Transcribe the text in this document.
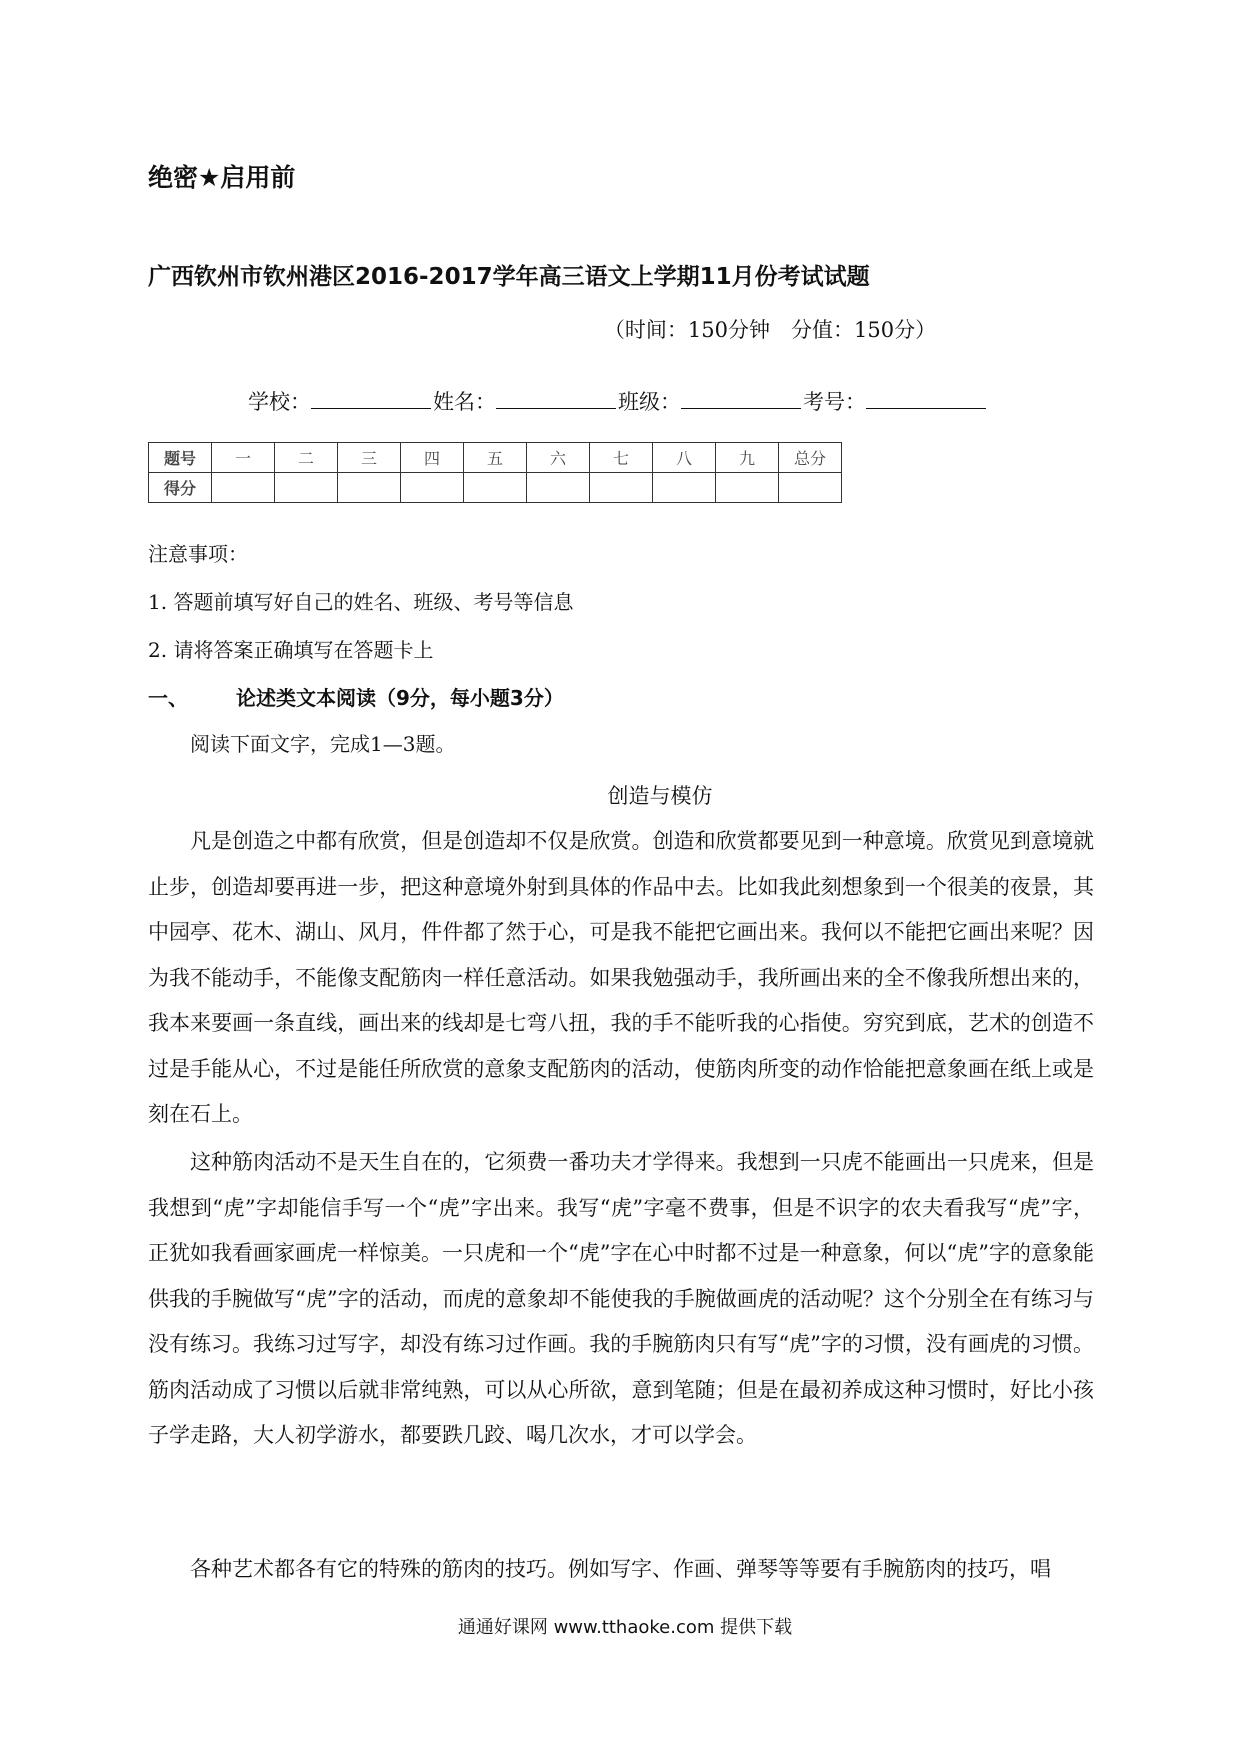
绝密★启用前
广西钦州市钦州港区2016-2017学年高三语文上学期11月份考试试题
（时间：150分钟　分值：150分）
学校：	姓名：	班级：	考号：
题号	一	二	三	四	五	六	七	八	九	总分
得分										
注意事项：
1. 答题前填写好自己的姓名、班级、考号等信息
2. 请将答案正确填写在答题卡上
一、 论述类文本阅读（9分，每小题3分）
阅读下面文字，完成1—3题。
创造与模仿
凡是创造之中都有欣赏，但是创造却不仅是欣赏。创造和欣赏都要见到一种意境。欣赏见到意境就止步，创造却要再进一步，把这种意境外射到具体的作品中去。比如我此刻想象到一个很美的夜景，其中园亭、花木、湖山、风月，件件都了然于心，可是我不能把它画出来。我何以不能把它画出来呢？因为我不能动手，不能像支配筋肉一样任意活动。如果我勉强动手，我所画出来的全不像我所想出来的，我本来要画一条直线，画出来的线却是七弯八扭，我的手不能听我的心指使。穷究到底，艺术的创造不过是手能从心，不过是能任所欣赏的意象支配筋肉的活动，使筋肉所变的动作恰能把意象画在纸上或是刻在石上。
这种筋肉活动不是天生自在的，它须费一番功夫才学得来。我想到一只虎不能画出一只虎来，但是我想到“虎”字却能信手写一个“虎”字出来。我写“虎”字毫不费事，但是不识字的农夫看我写“虎”字，正犹如我看画家画虎一样惊美。一只虎和一个“虎”字在心中时都不过是一种意象，何以“虎”字的意象能供我的手腕做写“虎”字的活动，而虎的意象却不能使我的手腕做画虎的活动呢？这个分别全在有练习与没有练习。我练习过写字，却没有练习过作画。我的手腕筋肉只有写“虎”字的习惯，没有画虎的习惯。筋肉活动成了习惯以后就非常纯熟，可以从心所欲，意到笔随；但是在最初养成这种习惯时，好比小孩子学走路，大人初学游水，都要跌几跤、喝几次水，才可以学会。
各种艺术都各有它的特殊的筋肉的技巧。例如写字、作画、弹琴等等要有手腕筋肉的技巧，唱
通通好课网 www.tthaoke.com 提供下载
